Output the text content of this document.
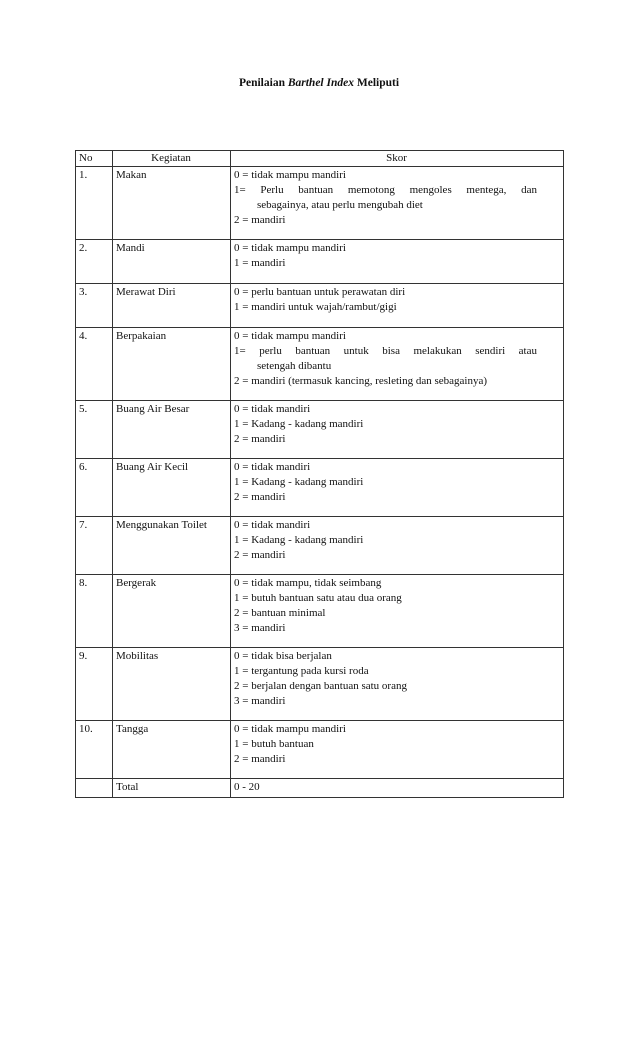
Penilaian Barthel Index Meliputi
No	Kegiatan	Skor
1.	Makan	0 = tidak mampu mandiri
1= Perlu bantuan memotong mengoles mentega, dan
sebagainya, atau perlu mengubah diet
2 = mandiri

2.	Mandi	0 = tidak mampu mandiri
1 = mandiri

3.	Merawat Diri	0 = perlu bantuan untuk perawatan diri
1 = mandiri untuk wajah/rambut/gigi

4.	Berpakaian	0 = tidak mampu mandiri
1= perlu bantuan untuk bisa melakukan sendiri atau
setengah dibantu
2 = mandiri (termasuk kancing, resleting dan sebagainya)

5.	Buang Air Besar	0 = tidak mandiri
1 = Kadang - kadang mandiri
2 = mandiri

6.	Buang Air Kecil	0 = tidak mandiri
1 = Kadang - kadang mandiri
2 = mandiri

7.	Menggunakan Toilet	0 = tidak mandiri
1 = Kadang - kadang mandiri
2 = mandiri

8.	Bergerak	0 = tidak mampu, tidak seimbang
1 = butuh bantuan satu atau dua orang
2 = bantuan minimal
3 = mandiri

9.	Mobilitas	0 = tidak bisa berjalan
1 = tergantung pada kursi roda
2 = berjalan dengan bantuan satu orang
3 = mandiri

10.	Tangga	0 = tidak mampu mandiri
1 = butuh bantuan
2 = mandiri

	Total	0 - 20
